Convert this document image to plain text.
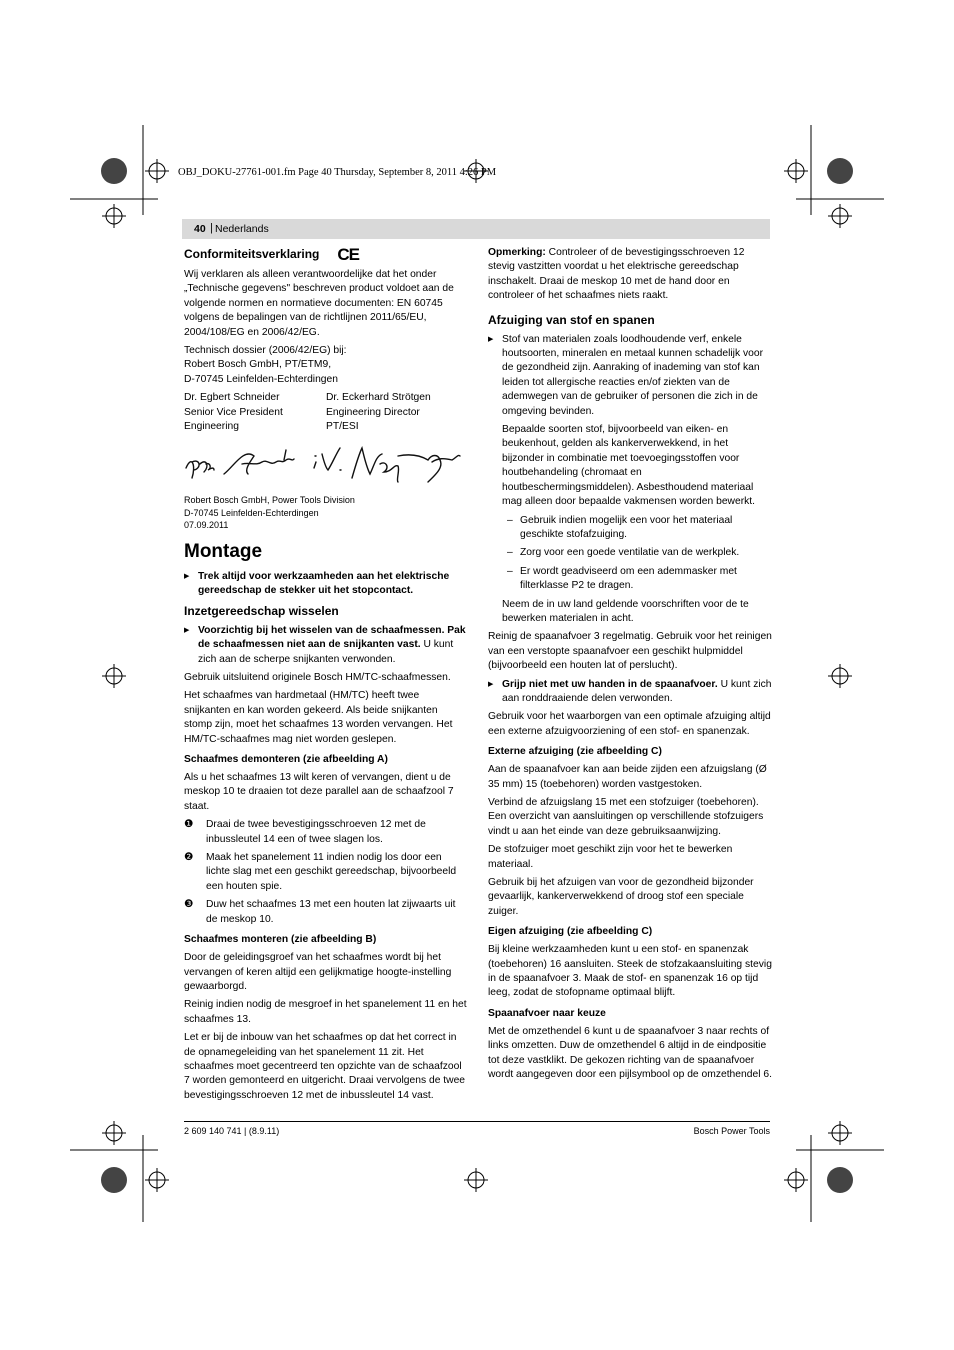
OBJ_DOKU-27761-001.fm Page 40 Thursday, September 8, 2011 4:26 PM
40 | Nederlands
Conformiteitsverklaring CE

Wij verklaren als alleen verantwoordelijke dat het onder „Technische gegevens" beschreven product voldoet aan de volgende normen en normatieve documenten: EN 60745 volgens de bepalingen van de richtlijnen 2011/65/EU, 2004/108/EG en 2006/42/EG.

Technisch dossier (2006/42/EG) bij:
Robert Bosch GmbH, PT/ETM9,
D-70745 Leinfelden-Echterdingen

Dr. Egbert Schneider
Senior Vice President
Engineering
Dr. Eckerhard Strötgen
Engineering Director
PT/ESI

Robert Bosch GmbH, Power Tools Division
D-70745 Leinfelden-Echterdingen
07.09.2011

Montage

▶ Trek altijd voor werkzaamheden aan het elektrische gereedschap de stekker uit het stopcontact.

Inzetgereedschap wisselen

▶ Voorzichtig bij het wisselen van de schaafmessen. Pak de schaafmessen niet aan de snijkanten vast. U kunt zich aan de scherpe snijkanten verwonden.

Gebruik uitsluitend originele Bosch HM/TC-schaafmessen.

Het schaafmes van hardmetaal (HM/TC) heeft twee snijkanten en kan worden gekeerd. Als beide snijkanten stomp zijn, moet het schaafmes 13 worden vervangen. Het HM/TC-schaafmes mag niet worden geslepen.

Schaafmes demonteren (zie afbeelding A)

Als u het schaafmes 13 wilt keren of vervangen, dient u de meskop 10 te draaien tot deze parallel aan de schaafzool 7 staat.

❶ Draai de twee bevestigingsschroeven 12 met de inbussleutel 14 een of twee slagen los.

❷ Maak het spanelement 11 indien nodig los door een lichte slag met een geschikt gereedschap, bijvoorbeeld een houten spie.

❸ Duw het schaafmes 13 met een houten lat zijwaarts uit de meskop 10.

Schaafmes monteren (zie afbeelding B)

Door de geleidingsgroef van het schaafmes wordt bij het vervangen of keren altijd een gelijkmatige hoogte-instelling gewaarborgd.

Reinig indien nodig de mesgroef in het spanelement 11 en het schaafmes 13.

Let er bij de inbouw van het schaafmes op dat het correct in de opnamegeleiding van het spanelement 11 zit. Het schaafmes moet gecentreerd ten opzichte van de schaafzool 7 worden gemonteerd en uitgericht. Draai vervolgens de twee bevestigingsschroeven 12 met de inbussleutel 14 vast.

Opmerking: Controleer of de bevestigingsschroeven 12 stevig vastzitten voordat u het elektrische gereedschap inschakelt. Draai de meskop 10 met de hand door en controleer of het schaafmes niets raakt.

Afzuiging van stof en spanen

▶ Stof van materialen zoals loodhoudende verf, enkele houtsoorten, mineralen en metaal kunnen schadelijk voor de gezondheid zijn. Aanraking of inademing van stof kan leiden tot allergische reacties en/of ziekten van de ademwegen van de gebruiker of personen die zich in de omgeving bevinden.

Bepaalde soorten stof, bijvoorbeeld van eiken- en beukenhout, gelden als kankerverwekkend, in het bijzonder in combinatie met toevoegingsstoffen voor houtbehandeling (chromaat en houtbeschermingsmiddelen). Asbesthoudend materiaal mag alleen door bepaalde vakmensen worden bewerkt.

– Gebruik indien mogelijk een voor het materiaal geschikte stofafzuiging.

– Zorg voor een goede ventilatie van de werkplek.

– Er wordt geadviseerd om een ademmasker met filterklasse P2 te dragen.

Neem de in uw land geldende voorschriften voor de te bewerken materialen in acht.

Reinig de spaanafvoer 3 regelmatig. Gebruik voor het reinigen van een verstopte spaanafvoer een geschikt hulpmiddel (bijvoorbeeld een houten lat of perslucht).

▶ Grijp niet met uw handen in de spaanafvoer. U kunt zich aan ronddraaiende delen verwonden.

Gebruik voor het waarborgen van een optimale afzuiging altijd een externe afzuigvoorziening of een stof- en spanenzak.

Externe afzuiging (zie afbeelding C)

Aan de spaanafvoer kan aan beide zijden een afzuigslang (Ø 35 mm) 15 (toebehoren) worden vastgestoken.

Verbind de afzuigslang 15 met een stofzuiger (toebehoren). Een overzicht van aansluitingen op verschillende stofzuigers vindt u aan het einde van deze gebruiksaanwijzing.

De stofzuiger moet geschikt zijn voor het te bewerken materiaal.

Gebruik bij het afzuigen van voor de gezondheid bijzonder gevaarlijk, kankerverwekkend of droog stof een speciale zuiger.

Eigen afzuiging (zie afbeelding C)

Bij kleine werkzaamheden kunt u een stof- en spanenzak (toebehoren) 16 aansluiten. Steek de stofzakaansluiting stevig in de spaanafvoer 3. Maak de stof- en spanenzak 16 op tijd leeg, zodat de stofopname optimaal blijft.

Spaanafvoer naar keuze

Met de omzethendel 6 kunt u de spaanafvoer 3 naar rechts of links omzetten. Duw de omzethendel 6 altijd in de eindpositie tot deze vastklikt. De gekozen richting van de spaanafvoer wordt aangegeven door een pijlsymbool op de omzethendel 6.

2 609 140 741 | (8.9.11)	Bosch Power Tools
